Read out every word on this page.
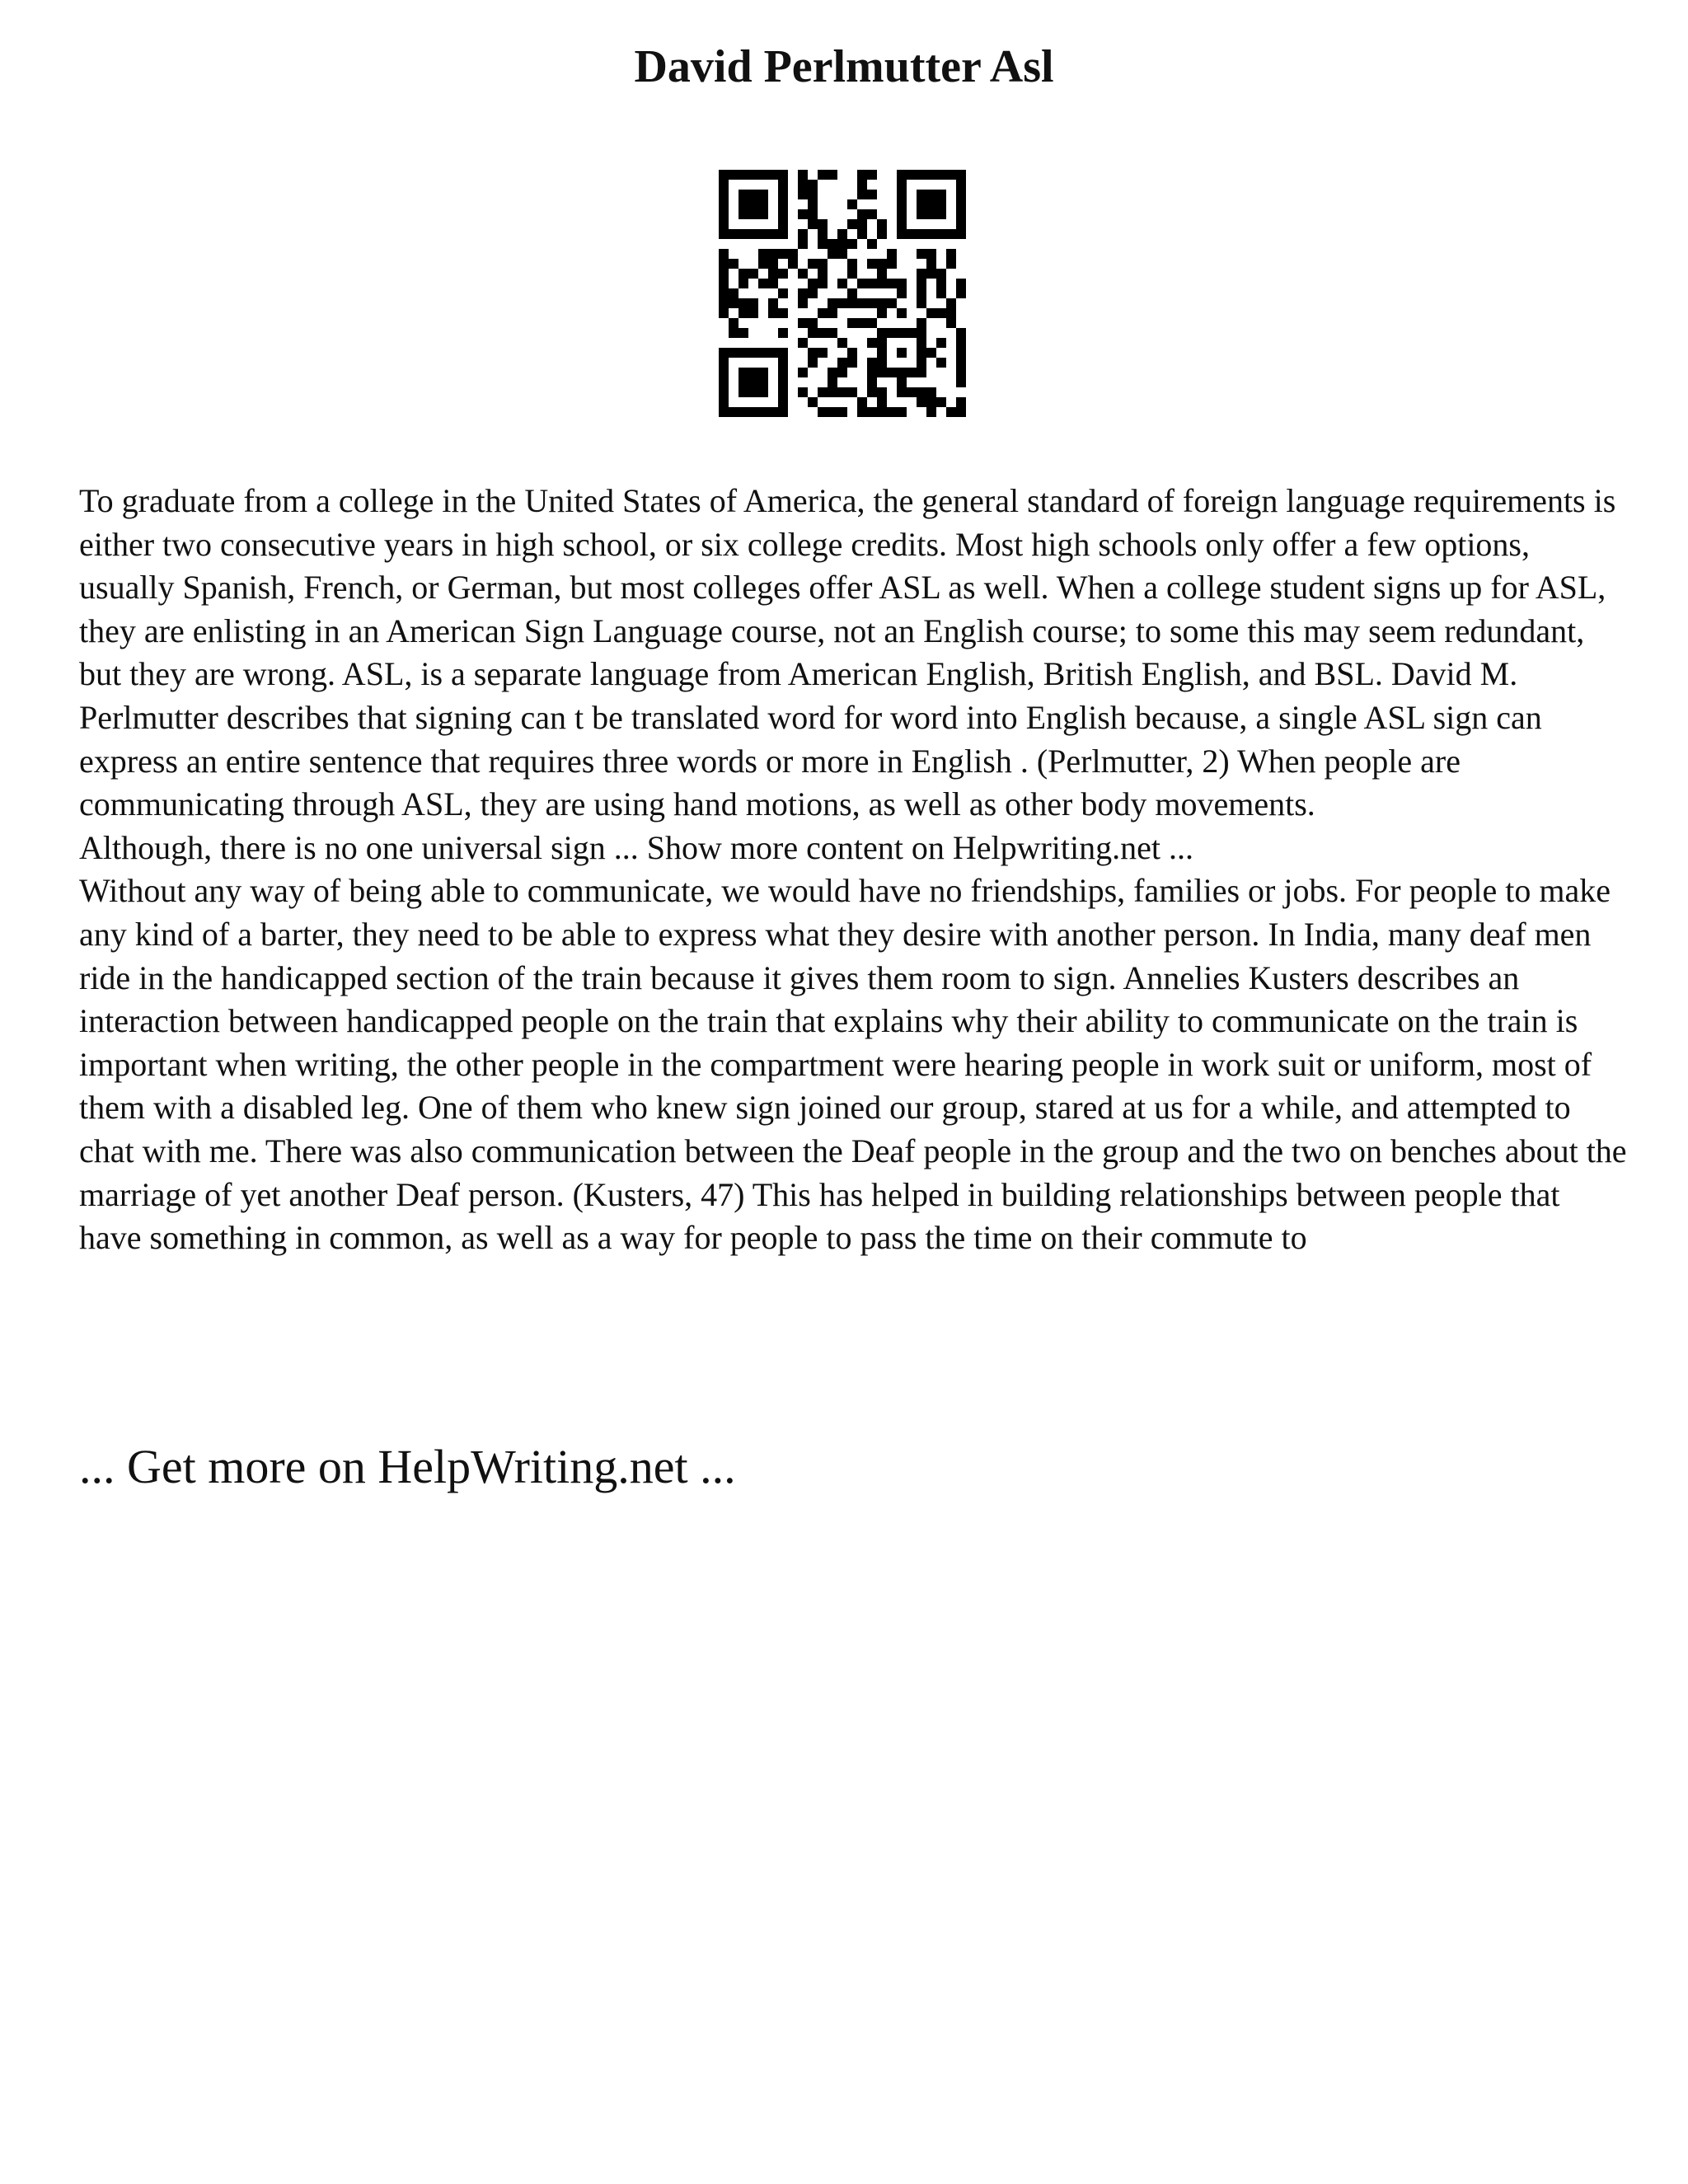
David Perlmutter Asl

To graduate from a college in the United States of America, the general standard of foreign language requirements is either two consecutive years in high school, or six college credits. Most high schools only offer a few options, usually Spanish, French, or German, but most colleges offer ASL as well. When a college student signs up for ASL, they are enlisting in an American Sign Language course, not an English course; to some this may seem redundant, but they are wrong. ASL, is a separate language from American English, British English, and BSL. David M. Perlmutter describes that signing can t be translated word for word into English because, a single ASL sign can express an entire sentence that requires three words or more in English . (Perlmutter, 2) When people are communicating through ASL, they are using hand motions, as well as other body movements.

Although, there is no one universal sign ... Show more content on Helpwriting.net ...

Without any way of being able to communicate, we would have no friendships, families or jobs. For people to make any kind of a barter, they need to be able to express what they desire with another person. In India, many deaf men ride in the handicapped section of the train because it gives them room to sign. Annelies Kusters describes an interaction between handicapped people on the train that explains why their ability to communicate on the train is important when writing, the other people in the compartment were hearing people in work suit or uniform, most of them with a disabled leg. One of them who knew sign joined our group, stared at us for a while, and attempted to chat with me. There was also communication between the Deaf people in the group and the two on benches about the marriage of yet another Deaf person. (Kusters, 47) This has helped in building relationships between people that have something in common, as well as a way for people to pass the time on their commute to

... Get more on HelpWriting.net ...
